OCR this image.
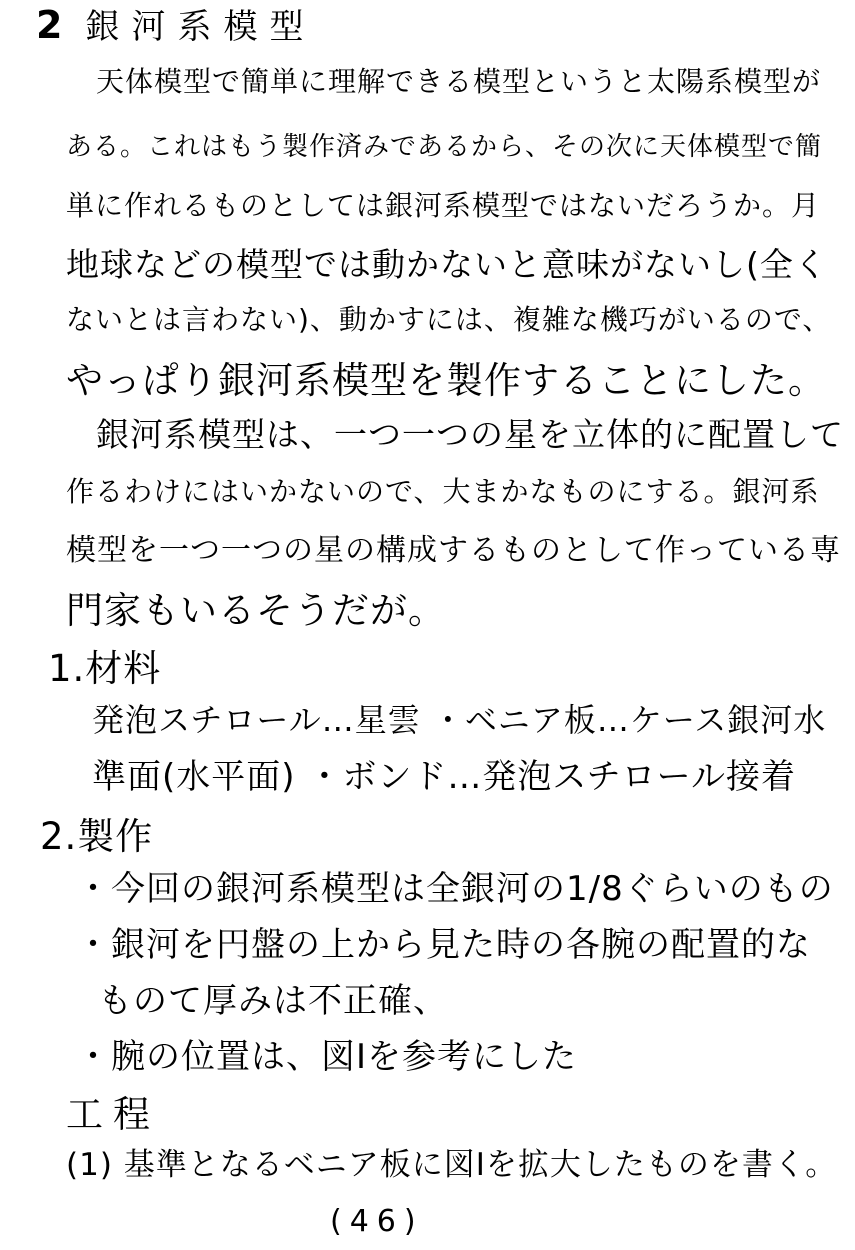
2 銀河系模型
天体模型で簡単に理解できる模型というと太陽系模型が
ある。これはもう製作済みであるから、その次に天体模型で簡
単に作れるものとしては銀河系模型ではないだろうか。月
地球などの模型では動かないと意味がないし(全く
ないとは言わない)、動かすには、複雑な機巧がいるので、
やっぱり銀河系模型を製作することにした。
銀河系模型は、一つ一つの星を立体的に配置して
作るわけにはいかないので、大まかなものにする。銀河系
模型を一つ一つの星の構成するものとして作っている専
門家もいるそうだが。
1.材料
発泡スチロール…星雲 ・ベニア板…ケース銀河水
準面(水平面) ・ボンド…発泡スチロール接着
2.製作
・今回の銀河系模型は全銀河の1/8ぐらいのもの
・銀河を円盤の上から見た時の各腕の配置的な
ものて厚みは不正確、
・腕の位置は、図Ⅰを参考にした
工程
(1) 基準となるベニア板に図Ⅰを拡大したものを書く。
(46)
